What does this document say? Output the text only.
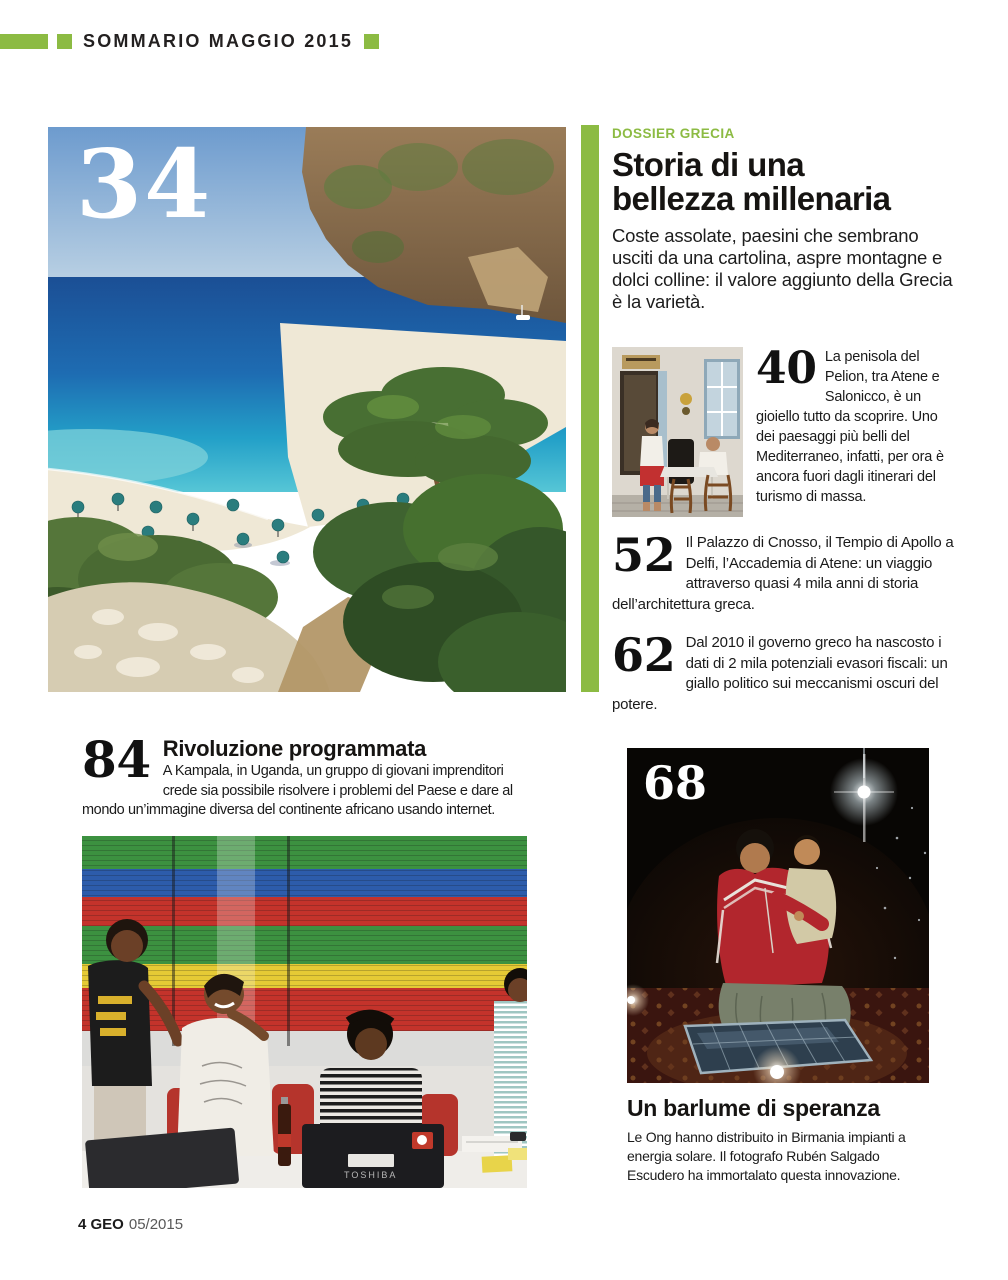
SOMMARIO MAGGIO 2015
34	DOSSIER GRECIA

Storia di una
bellezza millenaria

Coste assolate, paesini che sembrano usciti da una cartolina, aspre montagne e dolci colline: il valore aggiunto della Grecia è la varietà.

40 La penisola del Pelion, tra Atene e Salonicco, è un gioiello tutto da scoprire. Uno dei paesaggi più belli del Mediterraneo, infatti, per ora è ancora fuori dagli itinerari del turismo di massa.
52 Il Palazzo di Cnosso, il Tempio di Apollo a Delfi, l’Accademia di Atene: un viaggio attraverso quasi 4 mila anni di storia dell’architettura greca.
62 Dal 2010 il governo greco ha nascosto i dati di 2 mila potenziali evasori fiscali: un giallo politico sui meccanismi oscuri del potere.
84 Rivoluzione programmata
A Kampala, in Uganda, un gruppo di giovani imprenditori crede sia possibile risolvere i problemi del Paese e dare al mondo un’immagine diversa del continente africano usando internet.
TOSHIBA
68
Un barlume di speranza

Le Ong hanno distribuito in Birmania impianti a energia solare. Il fotografo Rubén Salgado Escudero ha immortalato questa innovazione.

4 GEO 05/2015
